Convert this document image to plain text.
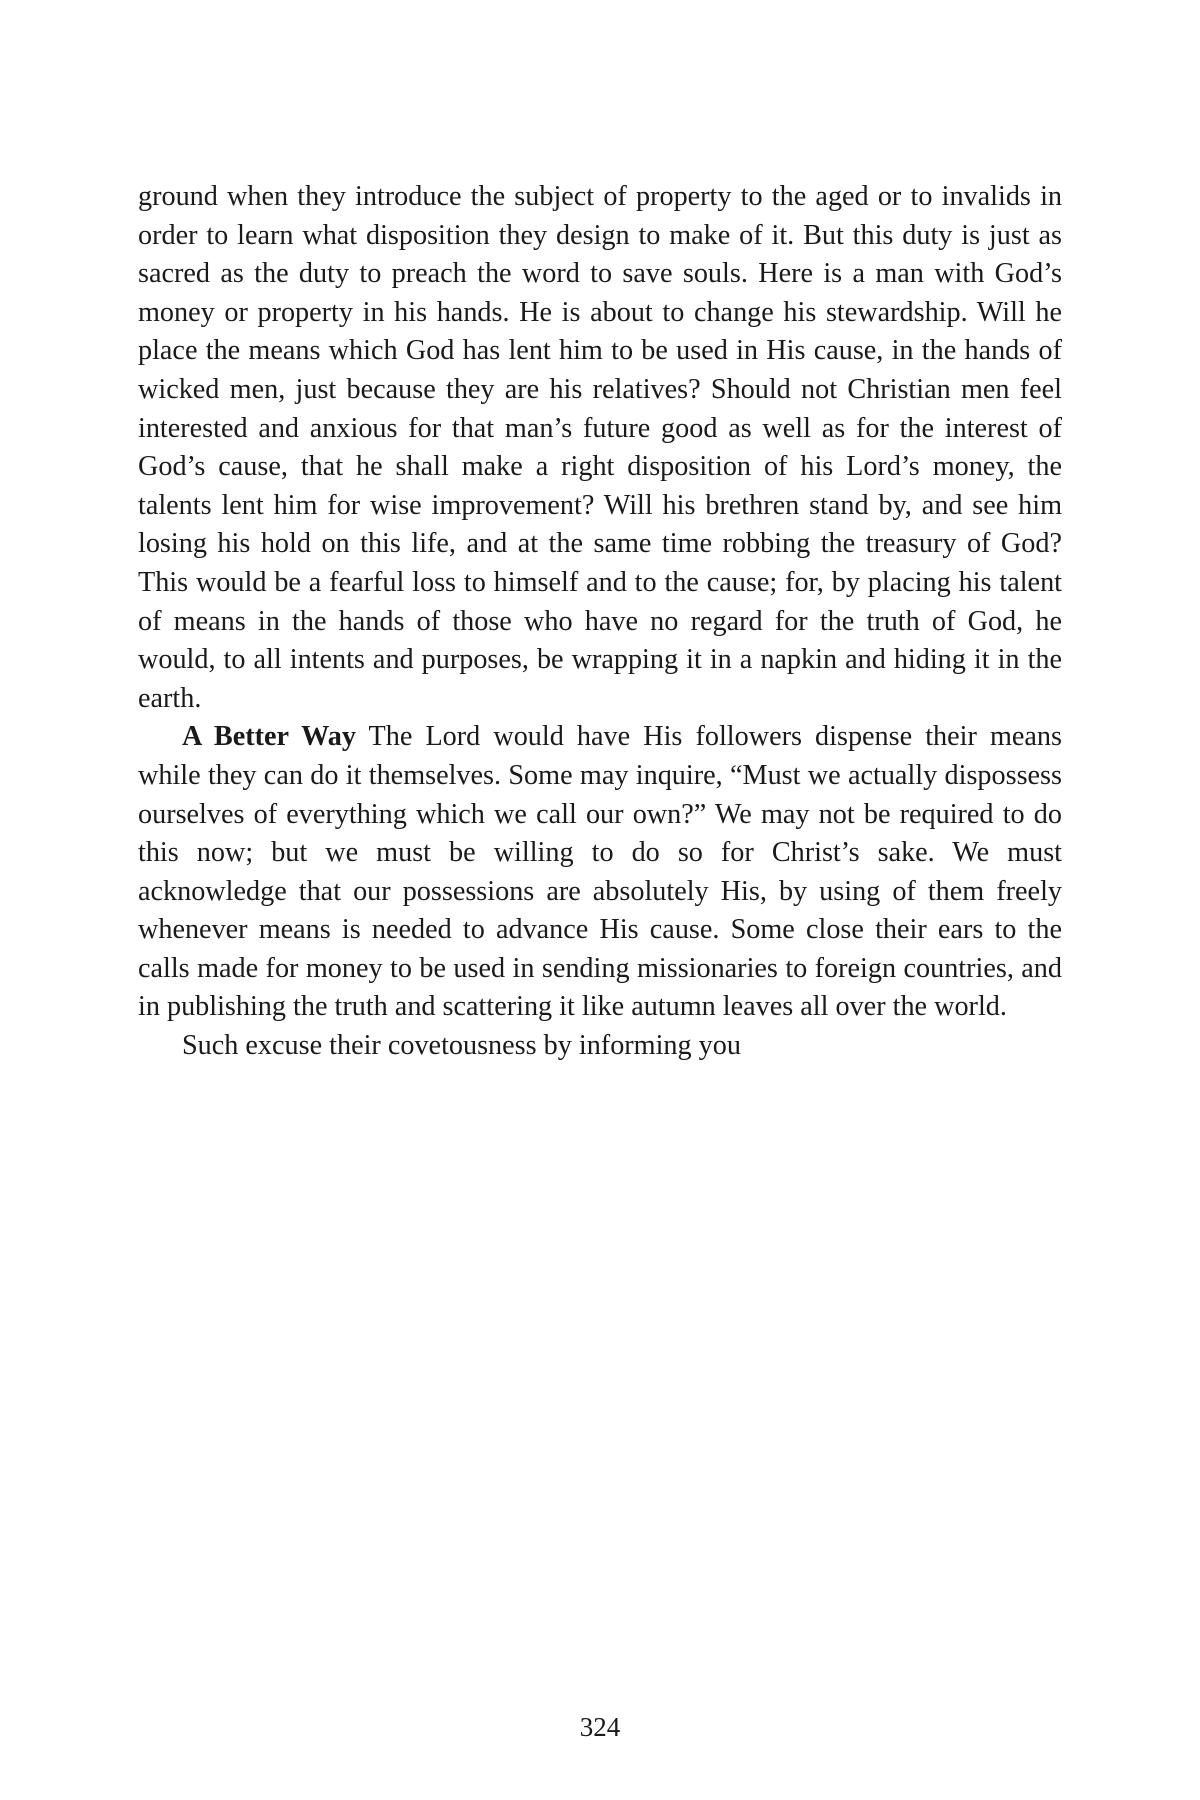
ground when they introduce the subject of property to the aged or to invalids in order to learn what disposition they design to make of it. But this duty is just as sacred as the duty to preach the word to save souls. Here is a man with God’s money or property in his hands. He is about to change his stewardship. Will he place the means which God has lent him to be used in His cause, in the hands of wicked men, just because they are his relatives? Should not Christian men feel interested and anxious for that man’s future good as well as for the interest of God’s cause, that he shall make a right disposition of his Lord’s money, the talents lent him for wise improvement? Will his brethren stand by, and see him losing his hold on this life, and at the same time robbing the treasury of God? This would be a fearful loss to himself and to the cause; for, by placing his talent of means in the hands of those who have no regard for the truth of God, he would, to all intents and purposes, be wrapping it in a napkin and hiding it in the earth.

A Better Way The Lord would have His followers dispense their means while they can do it themselves. Some may inquire, “Must we actually dispossess ourselves of everything which we call our own?” We may not be required to do this now; but we must be willing to do so for Christ’s sake. We must acknowledge that our possessions are absolutely His, by using of them freely whenever means is needed to advance His cause. Some close their ears to the calls made for money to be used in sending missionaries to foreign countries, and in publishing the truth and scattering it like autumn leaves all over the world.

Such excuse their covetousness by informing you

324
